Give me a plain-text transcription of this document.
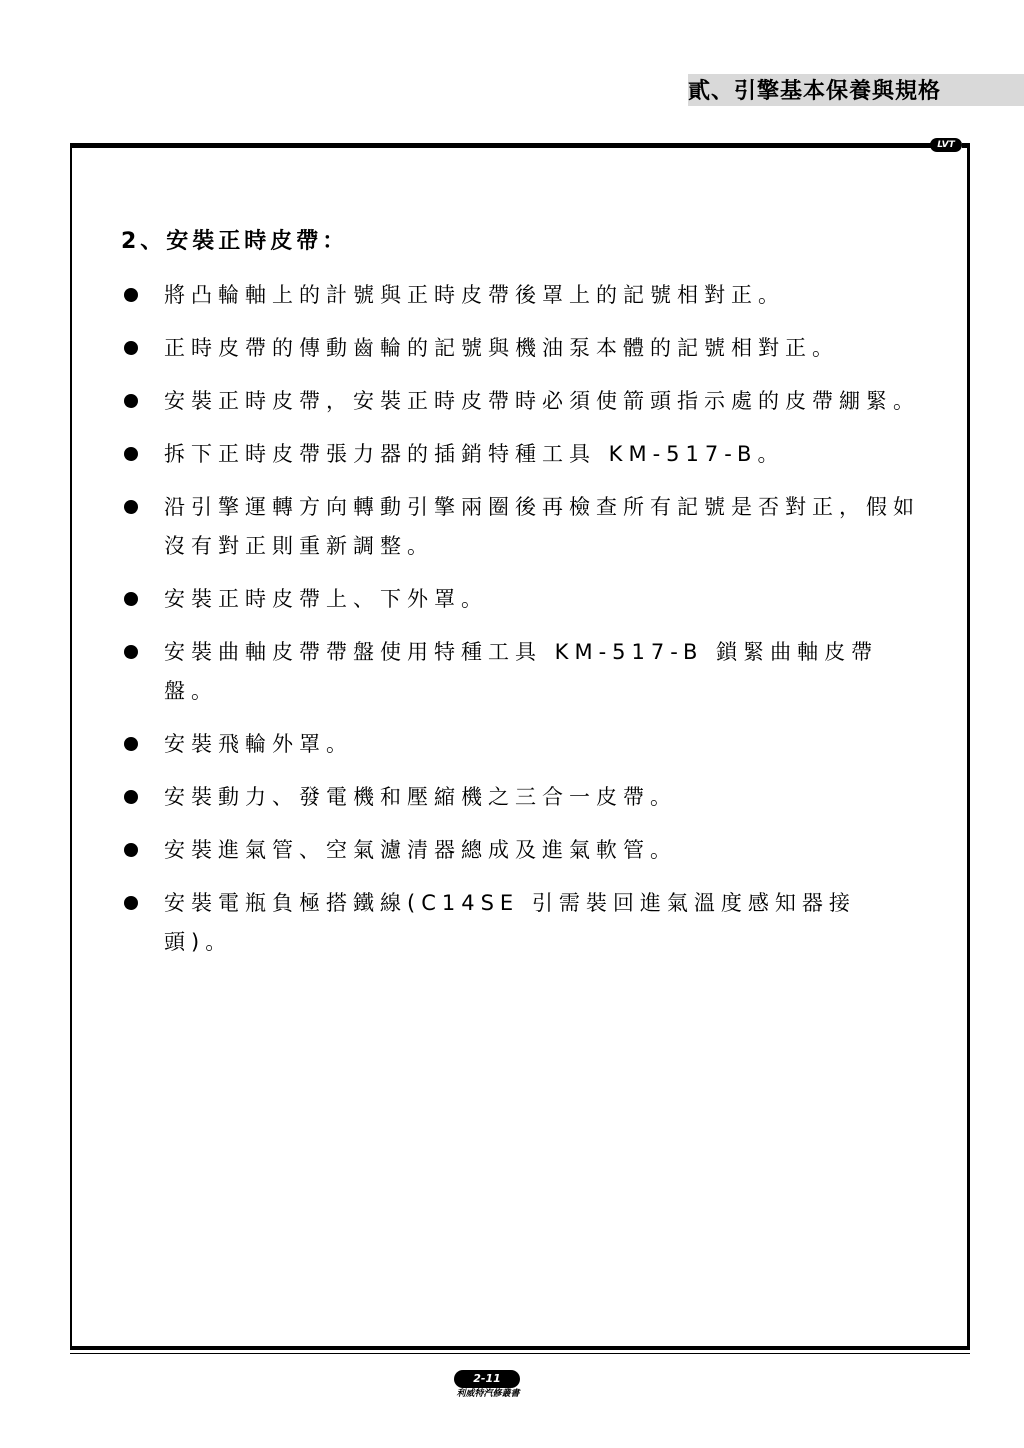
貳、引擎基本保養與規格
LVT
2、安裝正時皮帶：
將凸輪軸上的計號與正時皮帶後罩上的記號相對正。
正時皮帶的傳動齒輪的記號與機油泵本體的記號相對正。
安裝正時皮帶，安裝正時皮帶時必須使箭頭指示處的皮帶綳緊。
拆下正時皮帶張力器的插銷特種工具 KM-517-B。
沿引擎運轉方向轉動引擎兩圈後再檢查所有記號是否對正，假如沒有對正則重新調整。
安裝正時皮帶上、下外罩。
安裝曲軸皮帶帶盤使用特種工具 KM-517-B 鎖緊曲軸皮帶盤。
安裝飛輪外罩。
安裝動力、發電機和壓縮機之三合一皮帶。
安裝進氣管、空氣濾清器總成及進氣軟管。
安裝電瓶負極搭鐵線(C14SE 引需裝回進氣溫度感知器接頭)。
2-11
利威特汽修叢書
